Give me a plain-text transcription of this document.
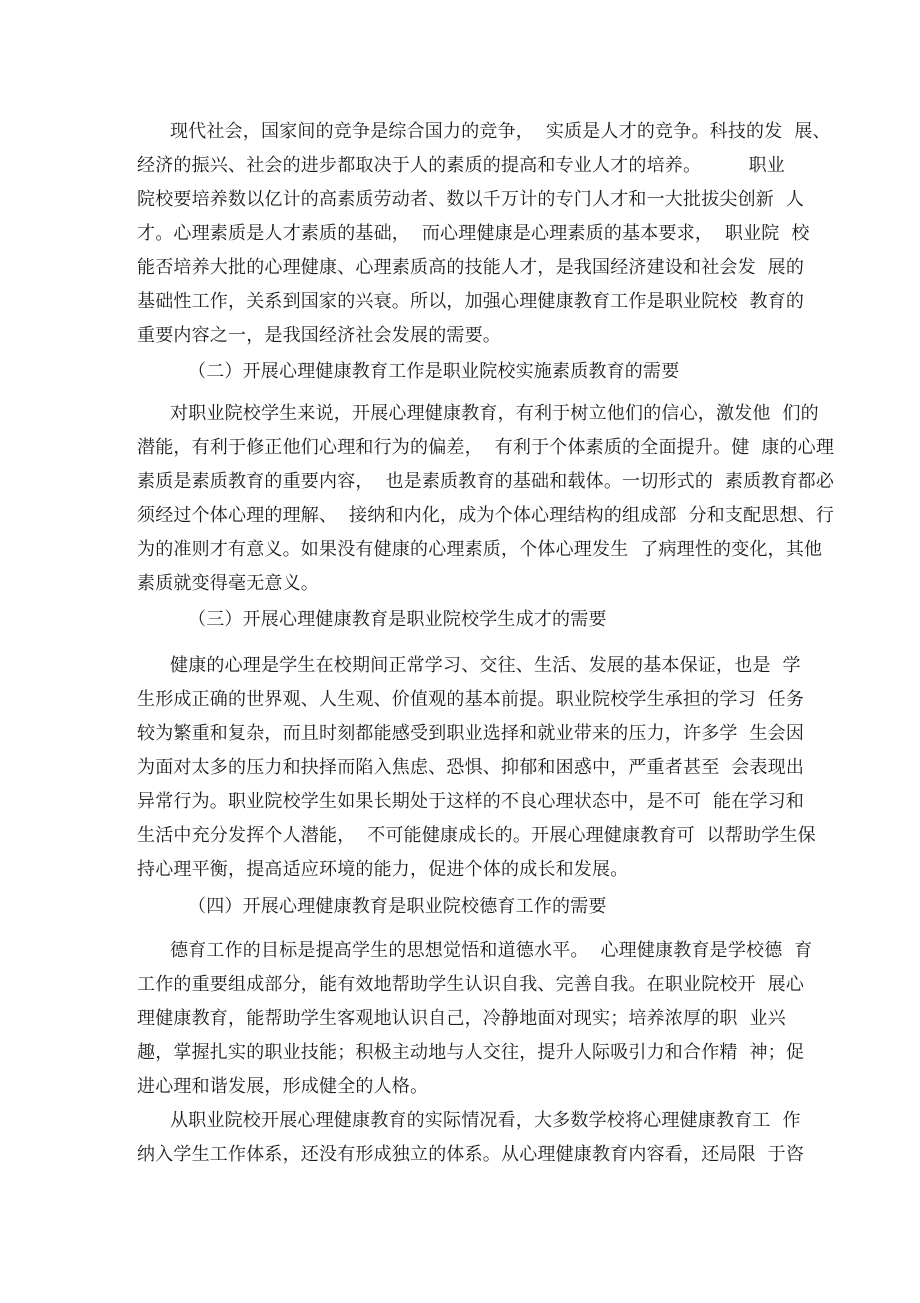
现代社会，国家间的竞争是综合国力的竞争，  实质是人才的竞争。科技的发  展、
经济的振兴、社会的进步都取决于人的素质的提高和专业人才的培养。        职业
院校要培养数以亿计的高素质劳动者、数以千万计的专门人才和一大批拔尖创新  人
才。心理素质是人才素质的基础，  而心理健康是心理素质的基本要求，  职业院  校
能否培养大批的心理健康、心理素质高的技能人才，是我国经济建设和社会发  展的
基础性工作，关系到国家的兴衰。所以，加强心理健康教育工作是职业院校  教育的
重要内容之一，是我国经济社会发展的需要。
（二）开展心理健康教育工作是职业院校实施素质教育的需要
对职业院校学生来说，开展心理健康教育，有利于树立他们的信心，激发他  们的
潜能，有利于修正他们心理和行为的偏差，  有利于个体素质的全面提升。健  康的心理
素质是素质教育的重要内容，  也是素质教育的基础和载体。一切形式的  素质教育都必
须经过个体心理的理解、  接纳和内化，成为个体心理结构的组成部  分和支配思想、行
为的准则才有意义。如果没有健康的心理素质，个体心理发生  了病理性的变化，其他
素质就变得毫无意义。
（三）开展心理健康教育是职业院校学生成才的需要
健康的心理是学生在校期间正常学习、交往、生活、发展的基本保证，也是  学
生形成正确的世界观、人生观、价值观的基本前提。职业院校学生承担的学习  任务
较为繁重和复杂，而且时刻都能感受到职业选择和就业带来的压力，许多学  生会因
为面对太多的压力和抉择而陷入焦虑、恐惧、抑郁和困惑中，严重者甚至  会表现出
异常行为。职业院校学生如果长期处于这样的不良心理状态中，是不可  能在学习和
生活中充分发挥个人潜能，  不可能健康成长的。开展心理健康教育可  以帮助学生保
持心理平衡，提高适应环境的能力，促进个体的成长和发展。
（四）开展心理健康教育是职业院校德育工作的需要
德育工作的目标是提高学生的思想觉悟和道德水平。  心理健康教育是学校德  育
工作的重要组成部分，能有效地帮助学生认识自我、完善自我。在职业院校开  展心
理健康教育，能帮助学生客观地认识自己，冷静地面对现实；培养浓厚的职  业兴
趣，掌握扎实的职业技能；积极主动地与人交往，提升人际吸引力和合作精  神；促
进心理和谐发展，形成健全的人格。
从职业院校开展心理健康教育的实际情况看，大多数学校将心理健康教育工  作
纳入学生工作体系，还没有形成独立的体系。从心理健康教育内容看，还局限  于咨
